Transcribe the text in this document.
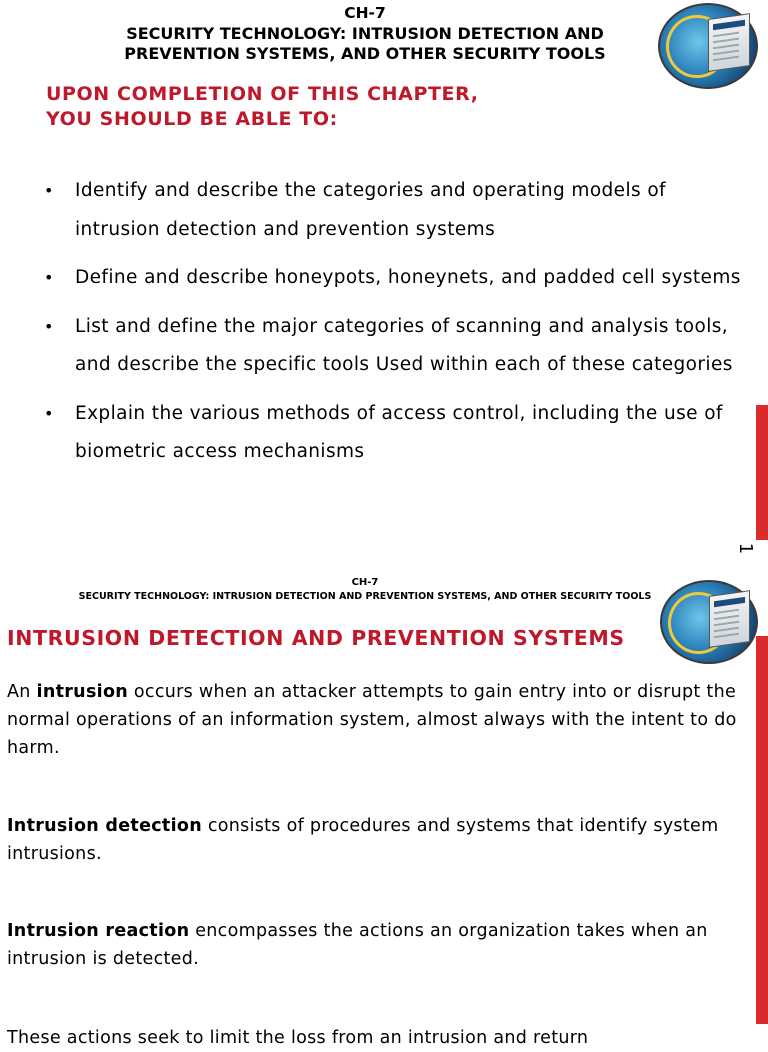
CH-7
SECURITY TECHNOLOGY: INTRUSION DETECTION AND PREVENTION SYSTEMS, AND OTHER SECURITY TOOLS
UPON COMPLETION OF THIS CHAPTER,
YOU SHOULD BE ABLE TO:
• Identify and describe the categories and operating models of intrusion detection and prevention systems
• Define and describe honeypots, honeynets, and padded cell systems
• List and define the major categories of scanning and analysis tools, and describe the specific tools Used within each of these categories
• Explain the various methods of access control, including the use of biometric access mechanisms
1
CH-7
SECURITY TECHNOLOGY: INTRUSION DETECTION AND PREVENTION SYSTEMS, AND OTHER SECURITY TOOLS
INTRUSION DETECTION AND PREVENTION SYSTEMS

An intrusion occurs when an attacker attempts to gain entry into or disrupt the normal operations of an information system, almost always with the intent to do harm.

Intrusion detection consists of procedures and systems that identify system intrusions.

Intrusion reaction encompasses the actions an organization takes when an intrusion is detected.

These actions seek to limit the loss from an intrusion and return
